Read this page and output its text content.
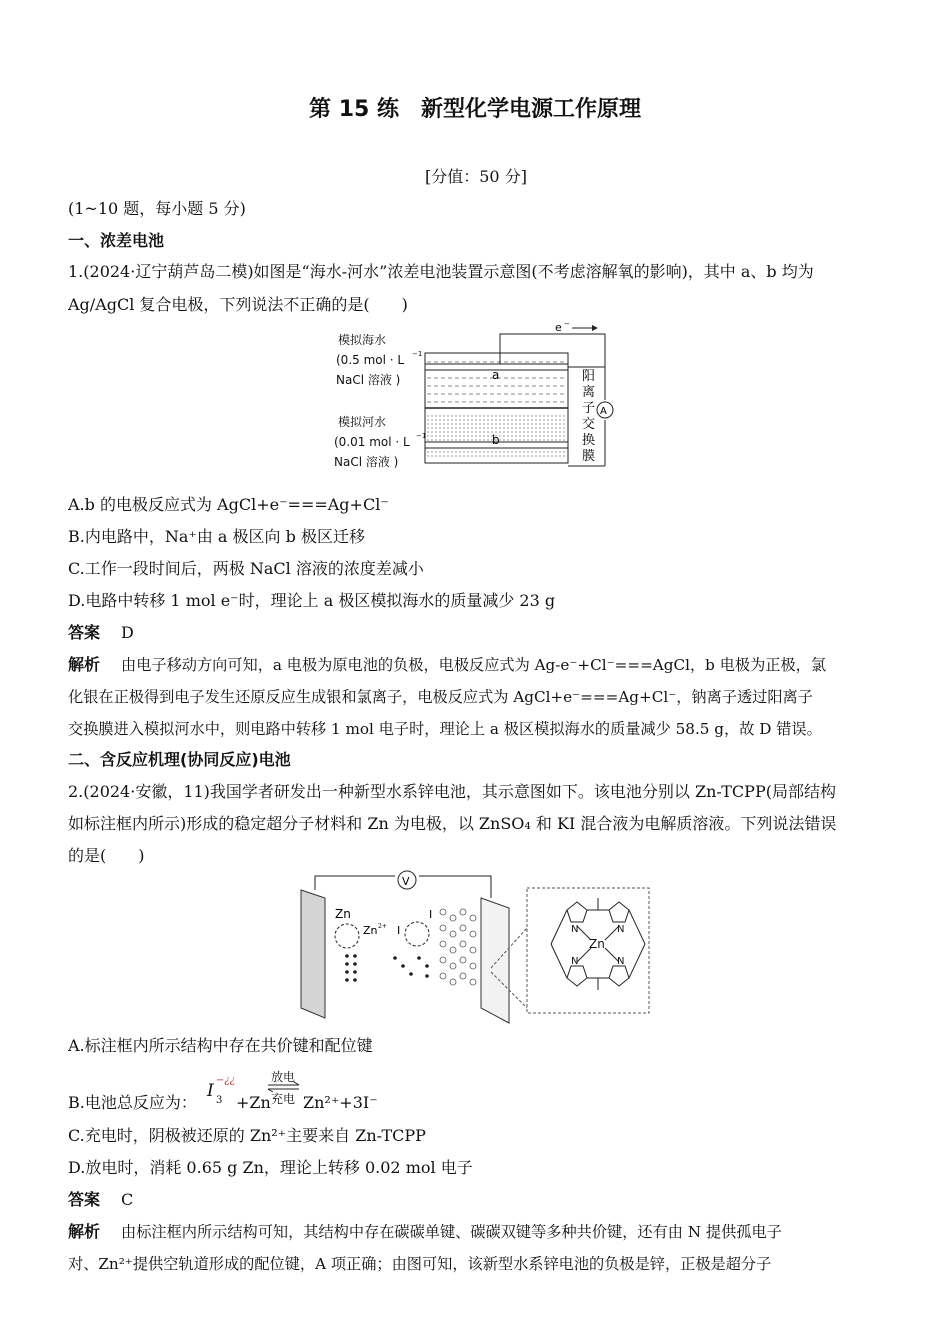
第 15 练　新型化学电源工作原理
[分值：50 分]
(1~10 题，每小题 5 分)
一、浓差电池
1.(2024·辽宁葫芦岛二模)如图是“海水-河水”浓差电池装置示意图(不考虑溶解氧的影响)，其中 a、b 均为
Ag/AgCl 复合电极，下列说法不正确的是(　　)
模拟海水
(0.5 mol · L −1
NaCl 溶液 )
模拟河水
(0.01 mol · L −1
NaCl 溶液 )
a
b
A
e −
阳
离
子
交
换
膜
A.b 的电极反应式为 AgCl+e⁻===Ag+Cl⁻
B.内电路中，Na⁺由 a 极区向 b 极区迁移
C.工作一段时间后，两极 NaCl 溶液的浓度差减小
D.电路中转移 1 mol e⁻时，理论上 a 极区模拟海水的质量减少 23 g
答案 D
解析 由电子移动方向可知，a 电极为原电池的负极，电极反应式为 Ag-e⁻+Cl⁻===AgCl，b 电极为正极，氯
化银在正极得到电子发生还原反应生成银和氯离子，电极反应式为 AgCl+e⁻===Ag+Cl⁻，钠离子透过阳离子
交换膜进入模拟河水中，则电路中转移 1 mol 电子时，理论上 a 极区模拟海水的质量减少 58.5 g，故 D 错误。
二、含反应机理(协同反应)电池
2.(2024·安徽，11)我国学者研发出一种新型水系锌电池，其示意图如下。该电池分别以 Zn-TCPP(局部结构
如标注框内所示)形成的稳定超分子材料和 Zn 为电极，以 ZnSO₄ 和 KI 混合液为电解质溶液。下列说法错误
的是(　　)
V
Zn
Zn 2+ I
I
N	N
N	N
Zn
A.标注框内所示结构中存在共价键和配位键
B.电池总反应为：
I 3
−¿¿
+Zn
放电
充电 Zn²⁺+3I⁻
C.充电时，阴极被还原的 Zn²⁺主要来自 Zn-TCPP
D.放电时，消耗 0.65 g Zn，理论上转移 0.02 mol 电子
答案 C
解析 由标注框内所示结构可知，其结构中存在碳碳单键、碳碳双键等多种共价键，还有由 N 提供孤电子
对、Zn²⁺提供空轨道形成的配位键，A 项正确；由图可知，该新型水系锌电池的负极是锌，正极是超分子
